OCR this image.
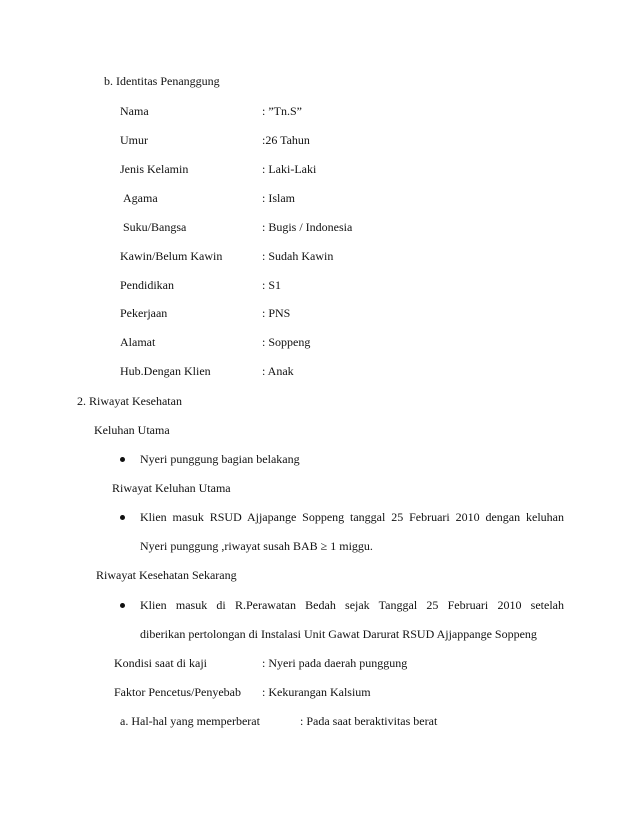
b. Identitas Penanggung
Nama	: ”Tn.S”
Umur	:26 Tahun
Jenis Kelamin	: Laki-Laki
Agama	: Islam
Suku/Bangsa	: Bugis / Indonesia
Kawin/Belum Kawin	: Sudah Kawin
Pendidikan	: S1
Pekerjaan	: PNS
Alamat	: Soppeng
Hub.Dengan Klien	: Anak
2. Riwayat Kesehatan
Keluhan Utama
Nyeri punggung bagian belakang
Riwayat Keluhan Utama
Klien masuk RSUD Ajjapange Soppeng tanggal 25 Februari 2010 dengan keluhan
Nyeri punggung ,riwayat susah BAB ≥ 1 miggu.
Riwayat Kesehatan Sekarang
Klien masuk di R.Perawatan Bedah sejak Tanggal 25 Februari 2010 setelah
diberikan pertolongan di Instalasi Unit Gawat Darurat RSUD Ajjappange Soppeng
Kondisi saat di kaji	: Nyeri pada daerah punggung
Faktor Pencetus/Penyebab : Kekurangan Kalsium
a. Hal-hal yang memperberat	: Pada saat beraktivitas berat
